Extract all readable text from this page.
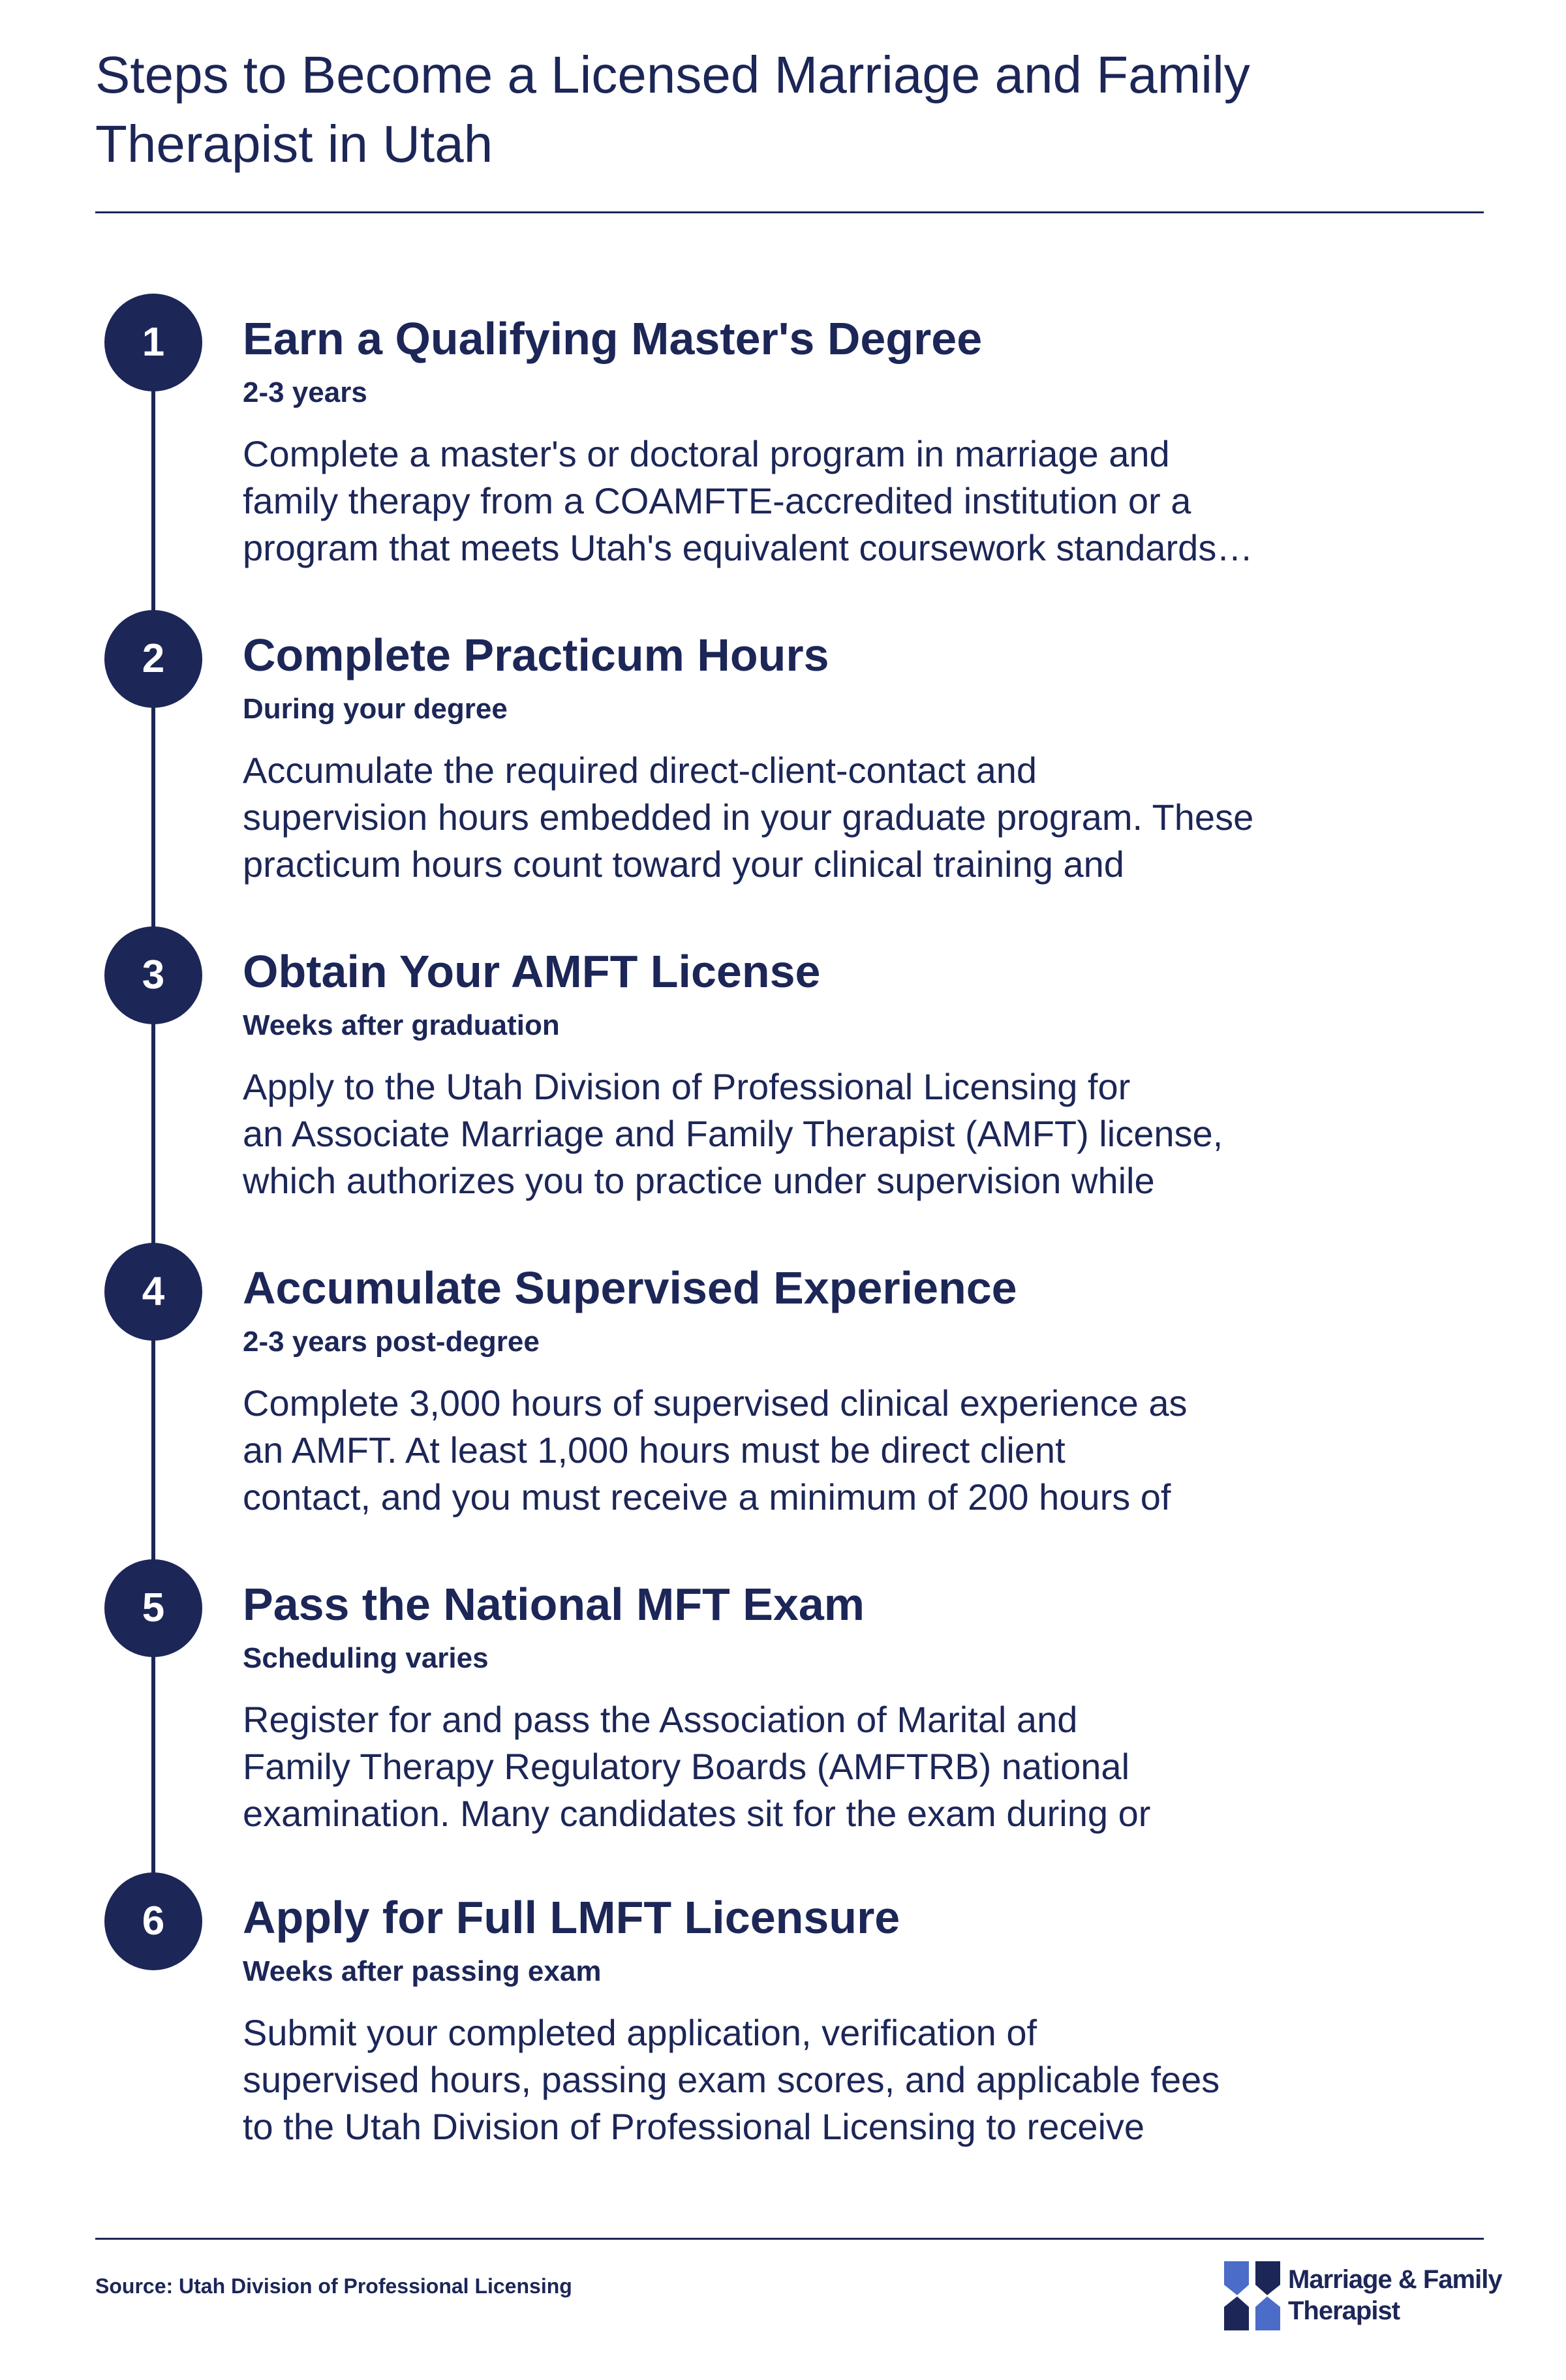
Steps to Become a Licensed Marriage and Family Therapist in Utah
1	Earn a Qualifying Master's Degree
2-3 years
Complete a master's or doctoral program in marriage and
family therapy from a COAMFTE-accredited institution or a
program that meets Utah's equivalent coursework standards…
2	Complete Practicum Hours
During your degree
Accumulate the required direct-client-contact and
supervision hours embedded in your graduate program. These
practicum hours count toward your clinical training and
3	Obtain Your AMFT License
Weeks after graduation
Apply to the Utah Division of Professional Licensing for
an Associate Marriage and Family Therapist (AMFT) license,
which authorizes you to practice under supervision while
4	Accumulate Supervised Experience
2-3 years post-degree
Complete 3,000 hours of supervised clinical experience as
an AMFT. At least 1,000 hours must be direct client
contact, and you must receive a minimum of 200 hours of
5	Pass the National MFT Exam
Scheduling varies
Register for and pass the Association of Marital and
Family Therapy Regulatory Boards (AMFTRB) national
examination. Many candidates sit for the exam during or
6	Apply for Full LMFT Licensure
Weeks after passing exam
Submit your completed application, verification of
supervised hours, passing exam scores, and applicable fees
to the Utah Division of Professional Licensing to receive
Source: Utah Division of Professional Licensing	Marriage & Family
Therapist
